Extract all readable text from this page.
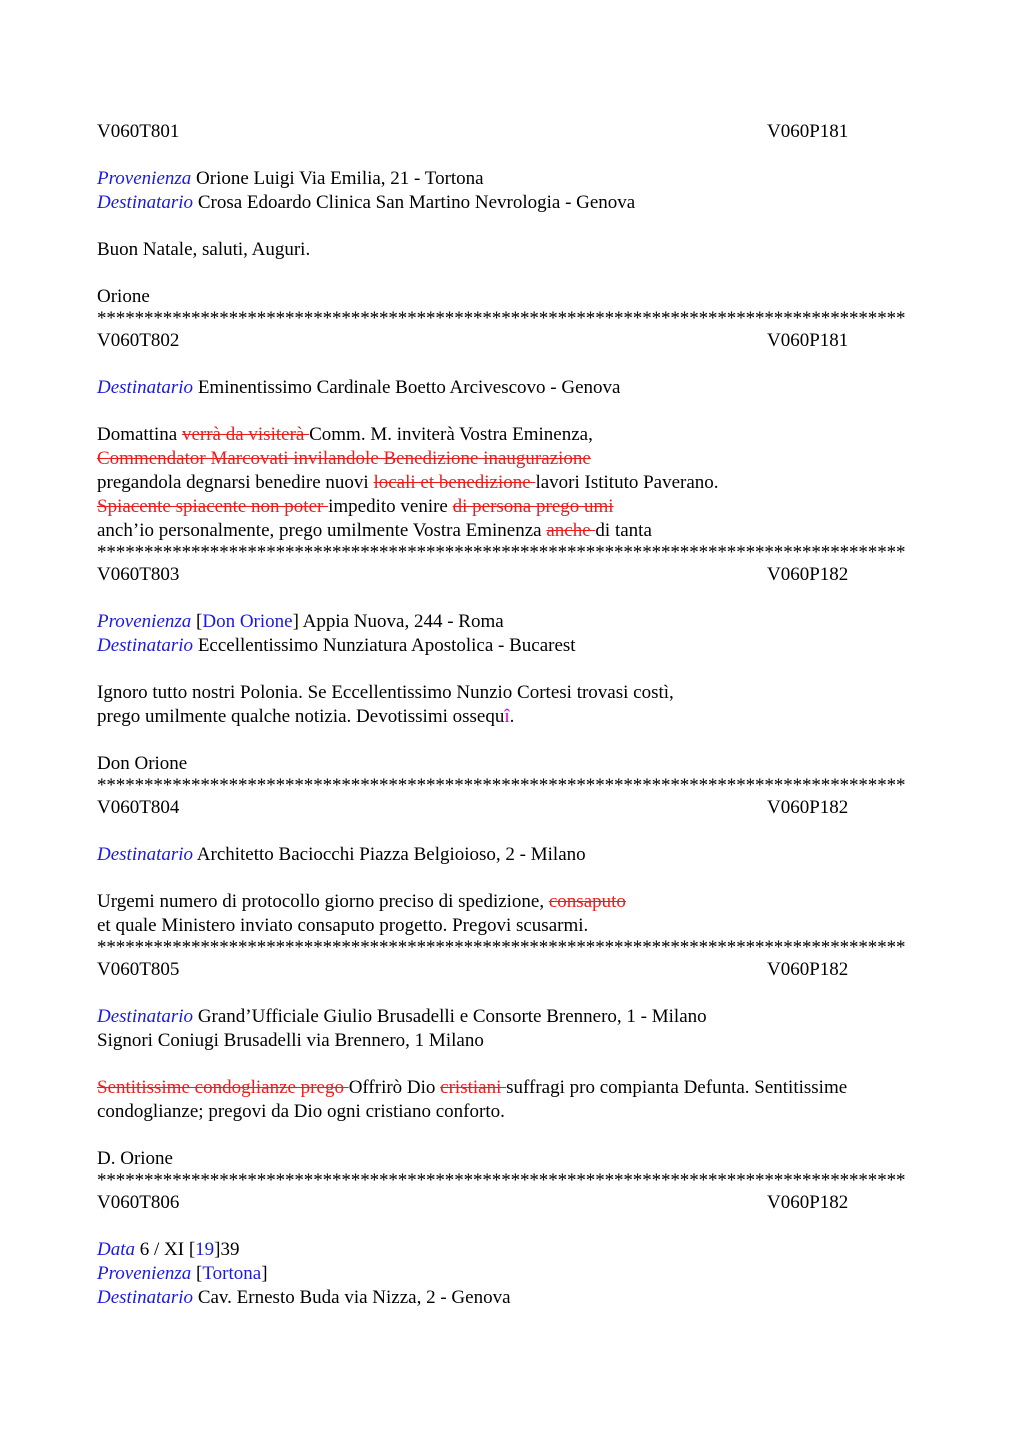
V060T801	V060P181
Provenienza Orione Luigi Via Emilia, 21 - Tortona
Destinatario Crosa Edoardo Clinica San Martino Nevrologia - Genova
Buon Natale, saluti, Auguri.
Orione
**************************************************************************************
V060T802	V060P181
Destinatario Eminentissimo Cardinale Boetto Arcivescovo - Genova
Domattina verrà da visiterà Comm. M. inviterà Vostra Eminenza,
Commendator Marcovati invilandole Benedizione inaugurazione
pregandola degnarsi benedire nuovi locali et benedizione lavori Istituto Paverano.
Spiacente spiacente non poter impedito venire di persona prego umi
anch’io personalmente, prego umilmente Vostra Eminenza anche di tanta
**************************************************************************************
V060T803	V060P182
Provenienza [Don Orione] Appia Nuova, 244 - Roma
Destinatario Eccellentissimo Nunziatura Apostolica - Bucarest
Ignoro tutto nostri Polonia. Se Eccellentissimo Nunzio Cortesi trovasi costì,
prego umilmente qualche notizia. Devotissimi ossequî.
Don Orione
**************************************************************************************
V060T804	V060P182
Destinatario Architetto Baciocchi Piazza Belgioioso, 2 - Milano
Urgemi numero di protocollo giorno preciso di spedizione, consaputo
et quale Ministero inviato consaputo progetto. Pregovi scusarmi.
**************************************************************************************
V060T805	V060P182
Destinatario Grand’Ufficiale Giulio Brusadelli e Consorte Brennero, 1 - Milano
Signori Coniugi Brusadelli via Brennero, 1 Milano
Sentitissime condoglianze prego Offrirò Dio cristiani suffragi pro compianta Defunta. Sentitissime
condoglianze; pregovi da Dio ogni cristiano conforto.
D. Orione
**************************************************************************************
V060T806	V060P182
Data 6 / XI [19]39
Provenienza [Tortona]
Destinatario Cav. Ernesto Buda via Nizza, 2 - Genova
